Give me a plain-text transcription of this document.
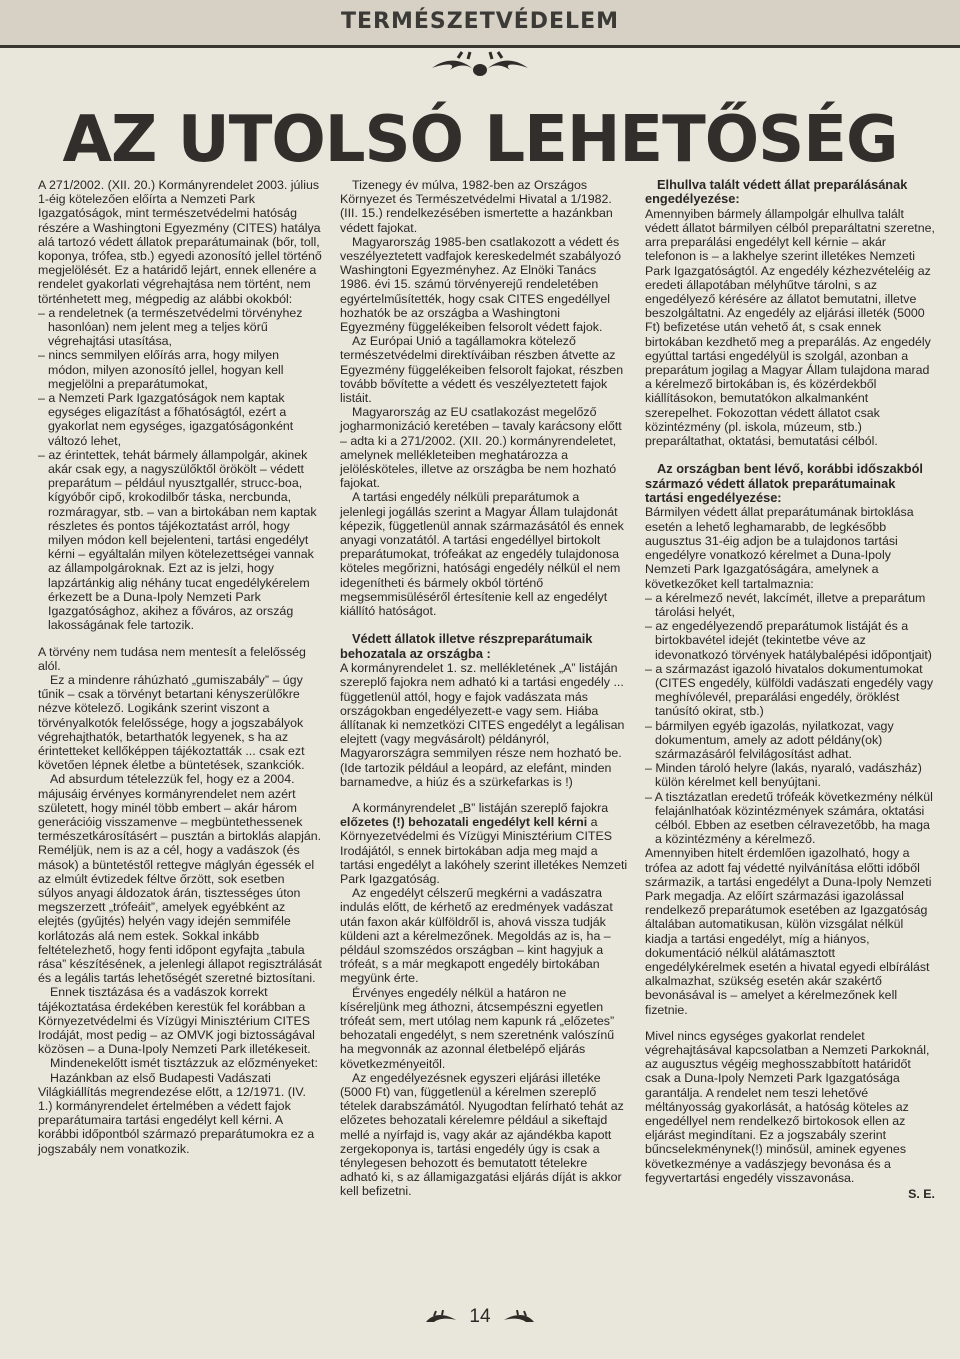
TERMÉSZETVÉDELEM
AZ UTOLSÓ LEHETŐSÉG

A 271/2002. (XII. 20.) Kormányrendelet 2003. július 1-éig kötelezően előírta a Nemzeti Park Igazgatóságok, mint természetvédelmi hatóság részére a Washingtoni Egyezmény (CITES) hatálya alá tartozó védett állatok preparátumainak (bőr, toll, koponya, trófea, stb.) egyedi azonosító jellel történő megjelölését. Ez a határidő lejárt, ennek ellenére a rendelet gyakorlati végrehajtása nem történt, nem történhetett meg, mégpedig az alábbi okokból:

– a rendeletnek (a természetvédelmi törvényhez hasonlóan) nem jelent meg a teljes körű végrehajtási utasítása,

– nincs semmilyen előírás arra, hogy milyen módon, milyen azonosító jellel, hogyan kell megjelölni a preparátumokat,

– a Nemzeti Park Igazgatóságok nem kaptak egységes eligazítást a főhatóságtól, ezért a gyakorlat nem egységes, igazgatóságonként változó lehet,

– az érintettek, tehát bármely állampolgár, akinek akár csak egy, a nagyszülőktől örökölt – védett preparátum – például nyusztgallér, strucc-boa, kígyóbőr cipő, krokodilbőr táska, nercbunda, rozmáragyar, stb. – van a birtokában nem kaptak részletes és pontos tájékoztatást arról, hogy milyen módon kell bejelenteni, tartási engedélyt kérni – egyáltalán milyen kötelezettségei vannak az állampolgároknak. Ezt az is jelzi, hogy lapzártánkig alig néhány tucat engedélykérelem érkezett be a Duna-Ipoly Nemzeti Park Igazgatósághoz, akihez a főváros, az ország lakosságának fele tartozik.

A törvény nem tudása nem mentesít a felelősség alól.

Ez a mindenre ráhúzható „gumiszabály” – úgy tűnik – csak a törvényt betartani kényszerülőkre nézve kötelező. Logikánk szerint viszont a törvényalkotók felelőssége, hogy a jogszabályok végrehajthatók, betarthatók legyenek, s ha az érintetteket kellőképpen tájékoztatták ... csak ezt követően lépnek életbe a büntetések, szankciók.

Ad absurdum tételezzük fel, hogy ez a 2004. májusáig érvényes kormányrendelet nem azért született, hogy minél több embert – akár három generációig visszamenve – megbüntethessenek természetkárosításért – pusztán a birtoklás alapján. Reméljük, nem is az a cél, hogy a vadászok (és mások) a büntetéstől rettegve máglyán égessék el az elmúlt évtizedek féltve őrzött, sok esetben súlyos anyagi áldozatok árán, tisztességes úton megszerzett „trófeáit”, amelyek egyébként az elejtés (gyűjtés) helyén vagy idején semmiféle korlátozás alá nem estek. Sokkal inkább feltételezhető, hogy fenti időpont egyfajta „tabula rása” készítésének, a jelenlegi állapot regisztrálását és a legális tartás lehetőségét szeretné biztosítani.

Ennek tisztázása és a vadászok korrekt tájékoztatása érdekében kerestük fel korábban a Környezetvédelmi és Vízügyi Minisztérium CITES Irodáját, most pedig – az OMVK jogi biztosságával közösen – a Duna-Ipoly Nemzeti Park illetékeseit.

Mindenekelőtt ismét tisztázzuk az előzményeket:

Hazánkban az első Budapesti Vadászati Világkiállítás megrendezése előtt, a 12/1971. (IV. 1.) kormányrendelet értelmében a védett fajok preparátumaira tartási engedélyt kell kérni. A korábbi időpontból származó preparátumokra ez a jogszabály nem vonatkozik.

Tizenegy év múlva, 1982-ben az Országos Környezet és Természetvédelmi Hivatal a 1/1982. (III. 15.) rendelkezésében ismertette a hazánkban védett fajokat.

Magyarország 1985-ben csatlakozott a védett és veszélyeztetett vadfajok kereskedelmét szabályozó Washingtoni Egyezményhez. Az Elnöki Tanács 1986. évi 15. számú törvényerejű rendeletében egyértelműsítették, hogy csak CITES engedéllyel hozhatók be az országba a Washingtoni Egyezmény függelékeiben felsorolt védett fajok.

Az Európai Unió a tagállamokra kötelező természetvédelmi direktíváiban részben átvette az Egyezmény függelékeiben felsorolt fajokat, részben tovább bővítette a védett és veszélyeztetett fajok listáit.

Magyarország az EU csatlakozást megelőző jogharmonizáció keretében – tavaly karácsony előtt – adta ki a 271/2002. (XII. 20.) kormányrendeletet, amelynek mellékleteiben meghatározza a jelölésköteles, illetve az országba be nem hozható fajokat.

A tartási engedély nélküli preparátumok a jelenlegi jogállás szerint a Magyar Állam tulajdonát képezik, függetlenül annak származásától és ennek anyagi vonzatától. A tartási engedéllyel birtokolt preparátumokat, trófeákat az engedély tulajdonosa köteles megőrizni, hatósági engedély nélkül el nem idegenítheti és bármely okból történő megsemmisüléséről értesítenie kell az engedélyt kiállító hatóságot.

Védett állatok illetve részpreparátumaik behozatala az országba :

A kormányrendelet 1. sz. mellékletének „A” listáján szereplő fajokra nem adható ki a tartási engedély ... függetlenül attól, hogy e fajok vadászata más országokban engedélyezett-e vagy sem. Hiába állítanak ki nemzetközi CITES engedélyt a legálisan elejtett (vagy megvásárolt) példányról, Magyarországra semmilyen része nem hozható be. (Ide tartozik például a leopárd, az elefánt, minden barnamedve, a hiúz és a szürkefarkas is !)

A kormányrendelet „B” listáján szereplő fajokra előzetes (!) behozatali engedélyt kell kérni a Környezetvédelmi és Vízügyi Minisztérium CITES Irodájától, s ennek birtokában adja meg majd a tartási engedélyt a lakóhely szerint illetékes Nemzeti Park Igazgatóság.

Az engedélyt célszerű megkérni a vadászatra indulás előtt, de kérhető az eredmények vadászat után faxon akár külföldről is, ahová vissza tudják küldeni azt a kérelmezőnek. Megoldás az is, ha – például szomszédos országban – kint hagyjuk a trófeát, s a már megkapott engedély birtokában megyünk érte.

Érvényes engedély nélkül a határon ne kíséreljünk meg áthozni, átcsempészni egyetlen trófeát sem, mert utólag nem kapunk rá „előzetes” behozatali engedélyt, s nem szeretnénk valószínű ha megvonnák az azonnal életbelépő eljárás következményeitől.

Az engedélyezésnek egyszeri eljárási illetéke (5000 Ft) van, függetlenül a kérelmen szereplő tételek darabszámától. Nyugodtan felírható tehát az előzetes behozatali kérelemre például a sikeftajd mellé a nyírfajd is, vagy akár az ajándékba kapott zergekoponya is, tartási engedély úgy is csak a ténylegesen behozott és bemutatott tételekre adható ki, s az államigazgatási eljárás díját is akkor kell befizetni.

Elhullva talált védett állat preparálásának engedélyezése:

Amennyiben bármely állampolgár elhullva talált védett állatot bármilyen célból preparáltatni szeretne, arra preparálási engedélyt kell kérnie – akár telefonon is – a lakhelye szerint illetékes Nemzeti Park Igazgatóságtól. Az engedély kézhezvételéig az eredeti állapotában mélyhűtve tárolni, s az engedélyező kérésére az állatot bemutatni, illetve beszolgáltatni. Az engedély az eljárási illeték (5000 Ft) befizetése után vehető át, s csak ennek birtokában kezdhető meg a preparálás. Az engedély egyúttal tartási engedélyül is szolgál, azonban a preparátum jogilag a Magyar Állam tulajdona marad a kérelmező birtokában is, és közérdekből kiállításokon, bemutatókon alkalmanként szerepelhet. Fokozottan védett állatot csak közintézmény (pl. iskola, múzeum, stb.) preparáltathat, oktatási, bemutatási célból.

Az országban bent lévő, korábbi időszakból származó védett állatok preparátumainak tartási engedélyezése:

Bármilyen védett állat preparátumának birtoklása esetén a lehető leghamarabb, de legkésőbb augusztus 31-éig adjon be a tulajdonos tartási engedélyre vonatkozó kérelmet a Duna-Ipoly Nemzeti Park Igazgatóságára, amelynek a következőket kell tartalmaznia:

– a kérelmező nevét, lakcímét, illetve a preparátum tárolási helyét,

– az engedélyezendő preparátumok listáját és a birtokbavétel idejét (tekintetbe véve az idevonatkozó törvények hatálybalépési időpontjait)

– a származást igazoló hivatalos dokumentumokat (CITES engedély, külföldi vadászati engedély vagy meghívólevél, preparálási engedély, öröklést tanúsító okirat, stb.)

– bármilyen egyéb igazolás, nyilatkozat, vagy dokumentum, amely az adott példány(ok) származásáról felvilágosítást adhat.

– Minden tároló helyre (lakás, nyaraló, vadászház) külön kérelmet kell benyújtani.

– A tisztázatlan eredetű trófeák következmény nélkül felajánlhatóak közintézmények számára, oktatási célból. Ebben az esetben célravezetőbb, ha maga a közintézmény a kérelmező.

Amennyiben hitelt érdemlően igazolható, hogy a trófea az adott faj védetté nyilvánítása előtti időből származik, a tartási engedélyt a Duna-Ipoly Nemzeti Park megadja. Az előírt származási igazolással rendelkező preparátumok esetében az Igazgatóság általában automatikusan, külön vizsgálat nélkül kiadja a tartási engedélyt, míg a hiányos, dokumentáció nélkül alátámasztott engedélykérelmek esetén a hivatal egyedi elbírálást alkalmazhat, szükség esetén akár szakértő bevonásával is – amelyet a kérelmezőnek kell fizetnie.

Mivel nincs egységes gyakorlat rendelet végrehajtásával kapcsolatban a Nemzeti Parkoknál, az augusztus végéig meghosszabbított határidőt csak a Duna-Ipoly Nemzeti Park Igazgatósága garantálja. A rendelet nem teszi lehetővé méltányosság gyakorlását, a hatóság köteles az engedéllyel nem rendelkező birtokosok ellen az eljárást megindítani. Ez a jogszabály szerint bűncselekménynek(!) minősül, aminek egyenes következménye a vadászjegy bevonása és a fegyvertartási engedély visszavonása.

S. E.

14
